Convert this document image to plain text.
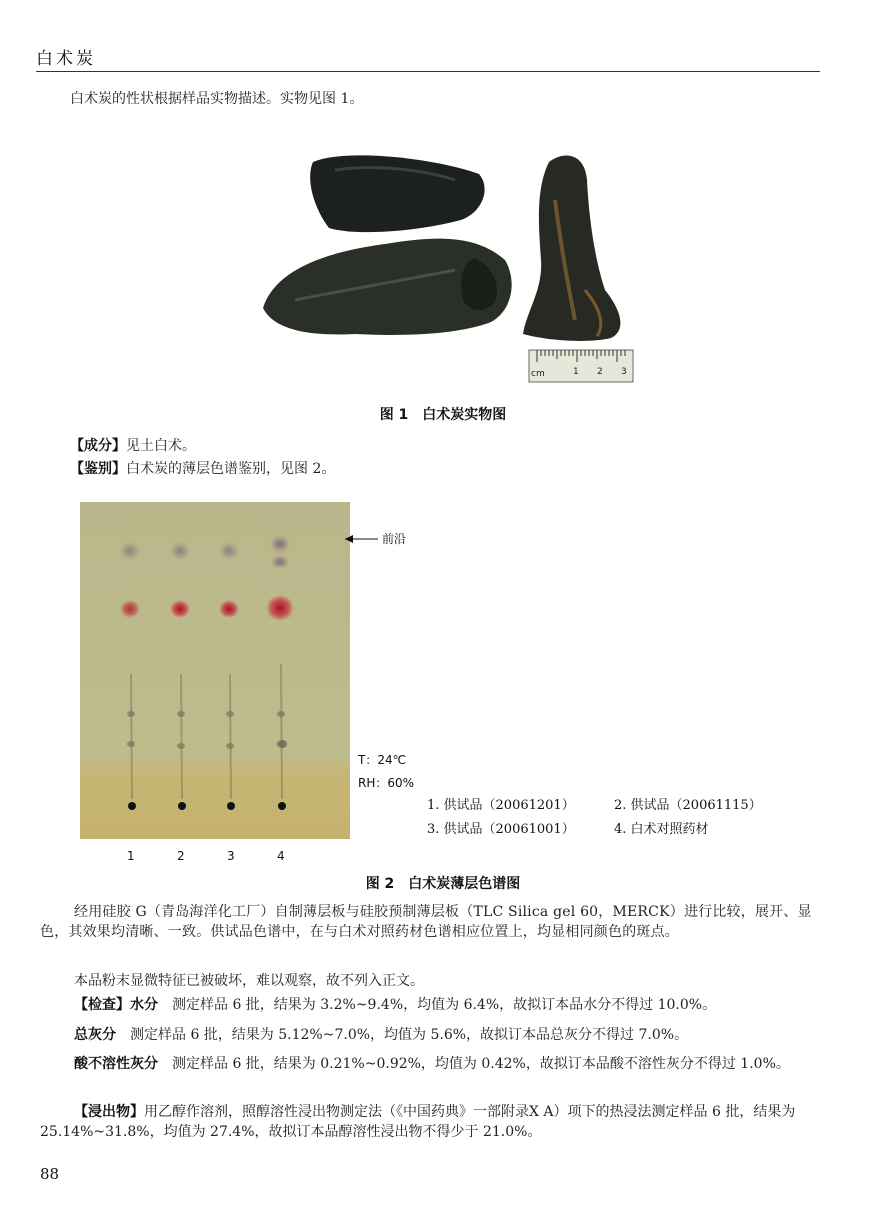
白术炭
白术炭的性状根据样品实物描述。实物见图 1。
cm	1 2 3
图 1　白术炭实物图
【成分】见土白术。
【鉴别】白术炭的薄层色谱鉴别，见图 2。
前沿
T：24℃
RH：60%
1	2	3	4
1. 供试品（20061201）	2. 供试品（20061115）
3. 供试品（20061001）	4. 白术对照药材
图 2　白术炭薄层色谱图
经用硅胶 G（青岛海洋化工厂）自制薄层板与硅胶预制薄层板（TLC Silica gel 60，MERCK）进行比较，展开、显色，其效果均清晰、一致。供试品色谱中，在与白术对照药材色谱相应位置上，均显相同颜色的斑点。
本品粉末显微特征已被破坏，难以观察，故不列入正文。
【检查】水分　 测定样品 6 批，结果为 3.2%~9.4%，均值为 6.4%，故拟订本品水分不得过 10.0%。
总灰分　 测定样品 6 批，结果为 5.12%~7.0%，均值为 5.6%，故拟订本品总灰分不得过 7.0%。
酸不溶性灰分　 测定样品 6 批，结果为 0.21%~0.92%，均值为 0.42%，故拟订本品酸不溶性灰分不得过 1.0%。
【浸出物】用乙醇作溶剂，照醇溶性浸出物测定法（《中国药典》一部附录Ⅹ A）项下的热浸法测定样品 6 批，结果为 25.14%~31.8%，均值为 27.4%，故拟订本品醇溶性浸出物不得少于 21.0%。
88
